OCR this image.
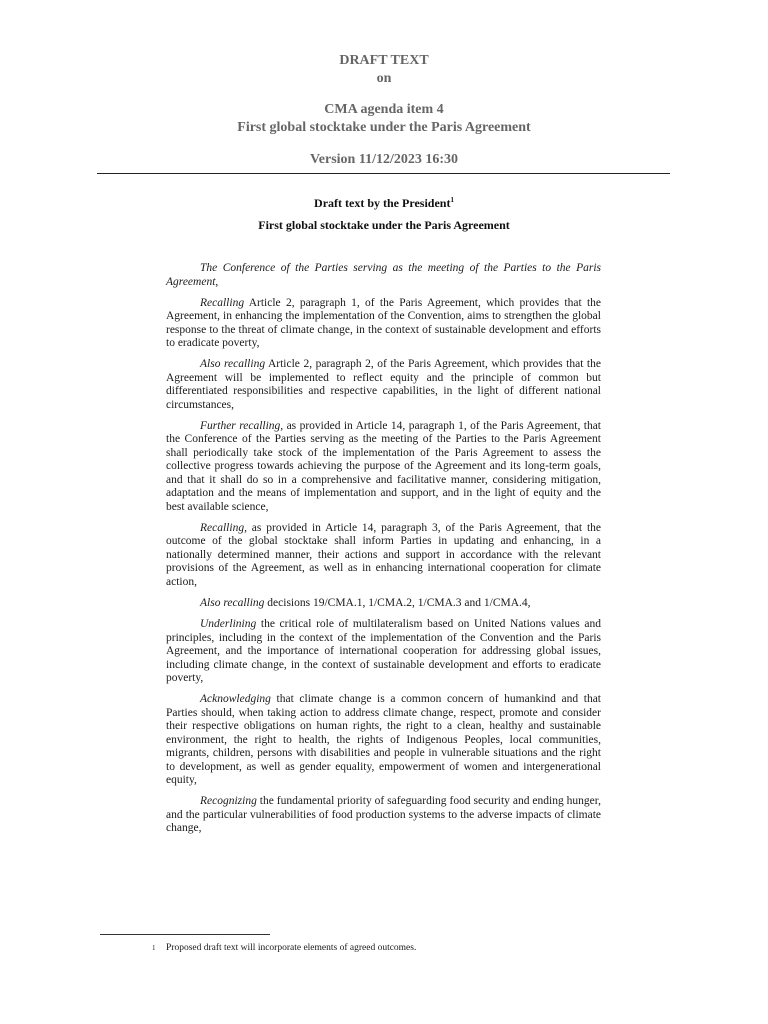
DRAFT TEXT
on
CMA agenda item 4
First global stocktake under the Paris Agreement
Version 11/12/2023 16:30
Draft text by the President$^1$
First global stocktake under the Paris Agreement

The Conference of the Parties serving as the meeting of the Parties to the Paris Agreement,

Recalling Article 2, paragraph 1, of the Paris Agreement, which provides that the Agreement, in enhancing the implementation of the Convention, aims to strengthen the global response to the threat of climate change, in the context of sustainable development and efforts to eradicate poverty,

Also recalling Article 2, paragraph 2, of the Paris Agreement, which provides that the Agreement will be implemented to reflect equity and the principle of common but differentiated responsibilities and respective capabilities, in the light of different national circumstances,

Further recalling, as provided in Article 14, paragraph 1, of the Paris Agreement, that the Conference of the Parties serving as the meeting of the Parties to the Paris Agreement shall periodically take stock of the implementation of the Paris Agreement to assess the collective progress towards achieving the purpose of the Agreement and its long-term goals, and that it shall do so in a comprehensive and facilitative manner, considering mitigation, adaptation and the means of implementation and support, and in the light of equity and the best available science,

Recalling, as provided in Article 14, paragraph 3, of the Paris Agreement, that the outcome of the global stocktake shall inform Parties in updating and enhancing, in a nationally determined manner, their actions and support in accordance with the relevant provisions of the Agreement, as well as in enhancing international cooperation for climate action,

Also recalling decisions 19/CMA.1, 1/CMA.2, 1/CMA.3 and 1/CMA.4,

Underlining the critical role of multilateralism based on United Nations values and principles, including in the context of the implementation of the Convention and the Paris Agreement, and the importance of international cooperation for addressing global issues, including climate change, in the context of sustainable development and efforts to eradicate poverty,

Acknowledging that climate change is a common concern of humankind and that Parties should, when taking action to address climate change, respect, promote and consider their respective obligations on human rights, the right to a clean, healthy and sustainable environment, the right to health, the rights of Indigenous Peoples, local communities, migrants, children, persons with disabilities and people in vulnerable situations and the right to development, as well as gender equality, empowerment of women and intergenerational equity,

Recognizing the fundamental priority of safeguarding food security and ending hunger, and the particular vulnerabilities of food production systems to the adverse impacts of climate change,

1 Proposed draft text will incorporate elements of agreed outcomes.
